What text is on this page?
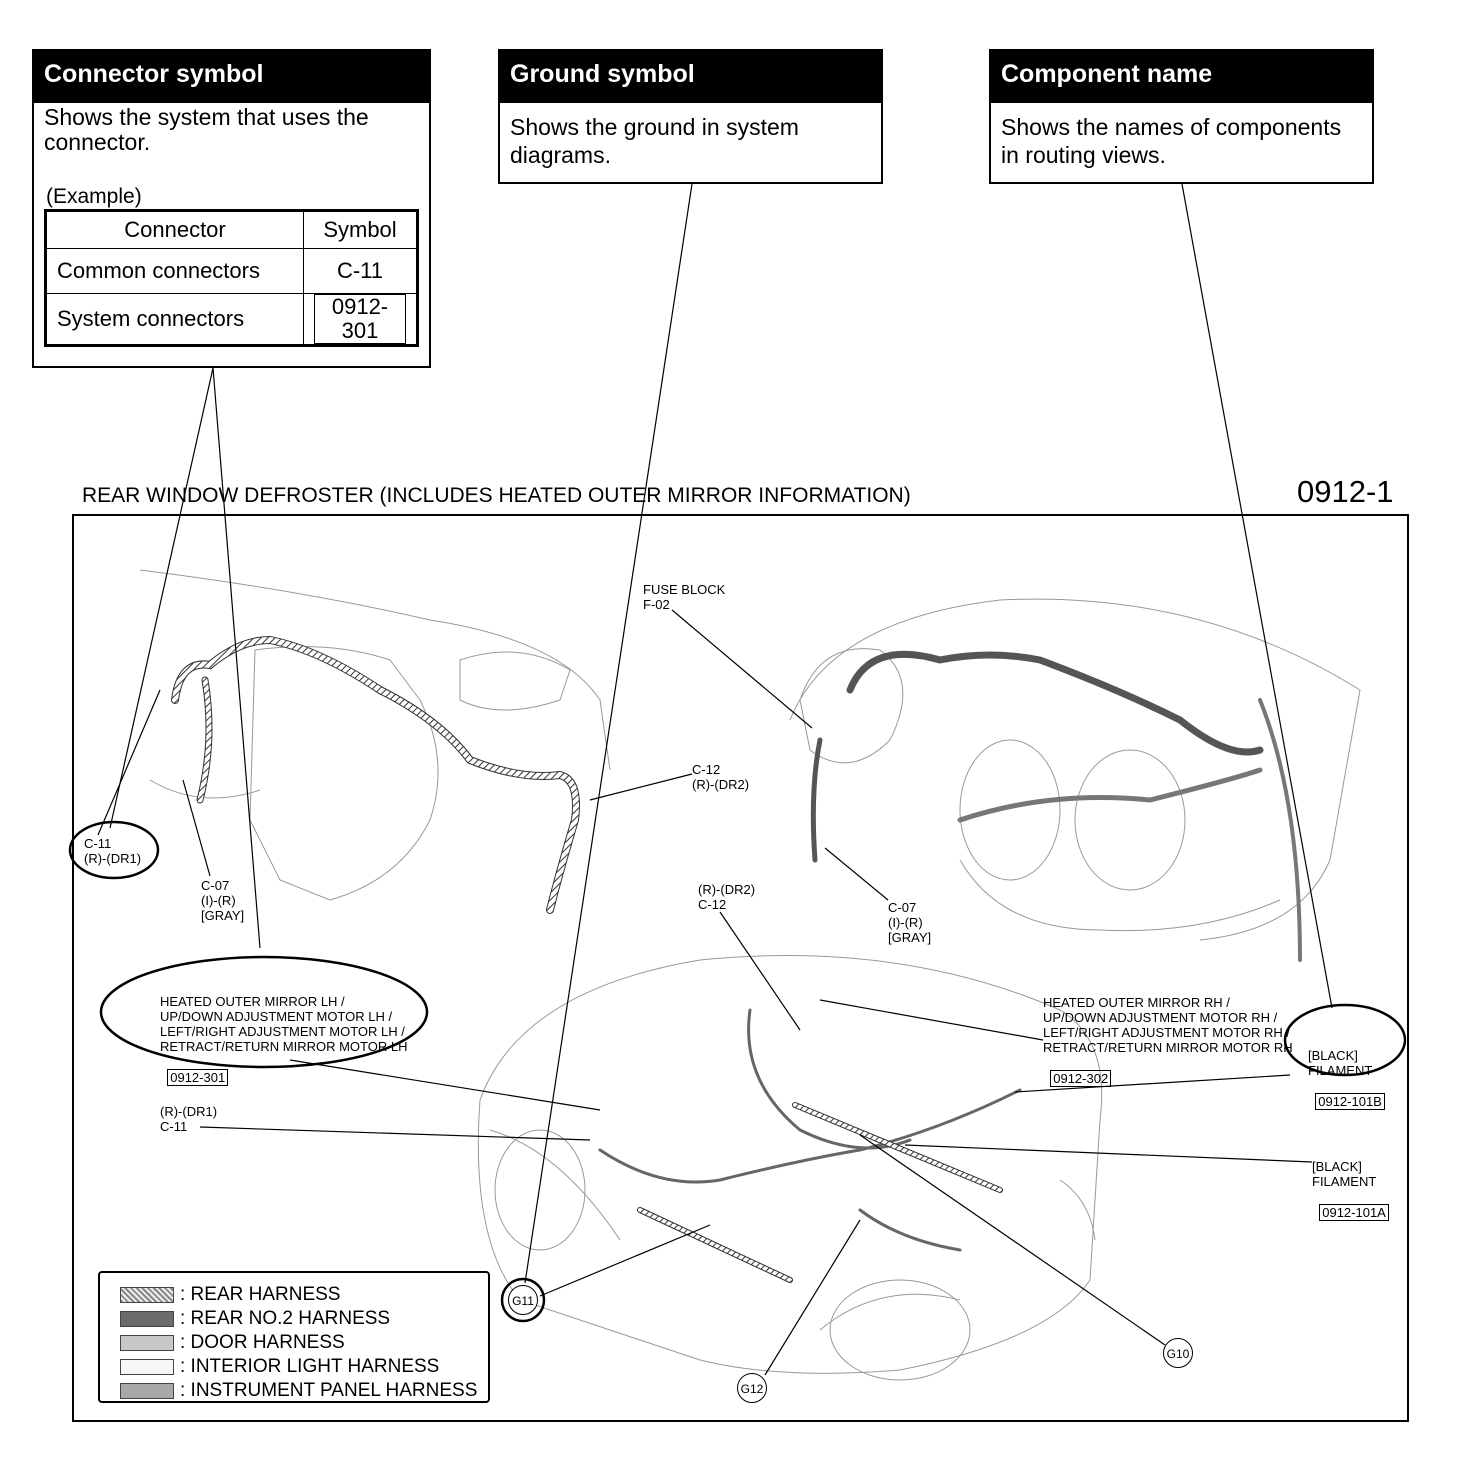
Connector symbol
Shows the system that uses the connector.
(Example)
Connector	Symbol
Common connectors	C-11
System connectors	0912-301
Ground symbol
Shows the ground in system diagrams.
Component name
Shows the names of components in routing views.
REAR WINDOW DEFROSTER (INCLUDES HEATED OUTER MIRROR INFORMATION)	0912-1
C-11
(R)-(DR1)
C-07
(I)-(R)
[GRAY]
FUSE BLOCK
F-02
C-12
(R)-(DR2)
C-07
(I)-(R)
[GRAY]
(R)-(DR2)
C-12

HEATED OUTER MIRROR LH /
UP/DOWN ADJUSTMENT MOTOR LH /
LEFT/RIGHT ADJUSTMENT MOTOR LH /
RETRACT/RETURN MIRROR MOTOR LH

0912-301

HEATED OUTER MIRROR RH /
UP/DOWN ADJUSTMENT MOTOR RH /
LEFT/RIGHT ADJUSTMENT MOTOR RH /
RETRACT/RETURN MIRROR MOTOR RH

0912-302

[BLACK]
FILAMENT

0912-101B

[BLACK]
FILAMENT

0912-101A

(R)-(DR1)
C-11
G11
G12
G10
: REAR HARNESS
: REAR NO.2 HARNESS
: DOOR HARNESS
: INTERIOR LIGHT HARNESS
: INSTRUMENT PANEL HARNESS
